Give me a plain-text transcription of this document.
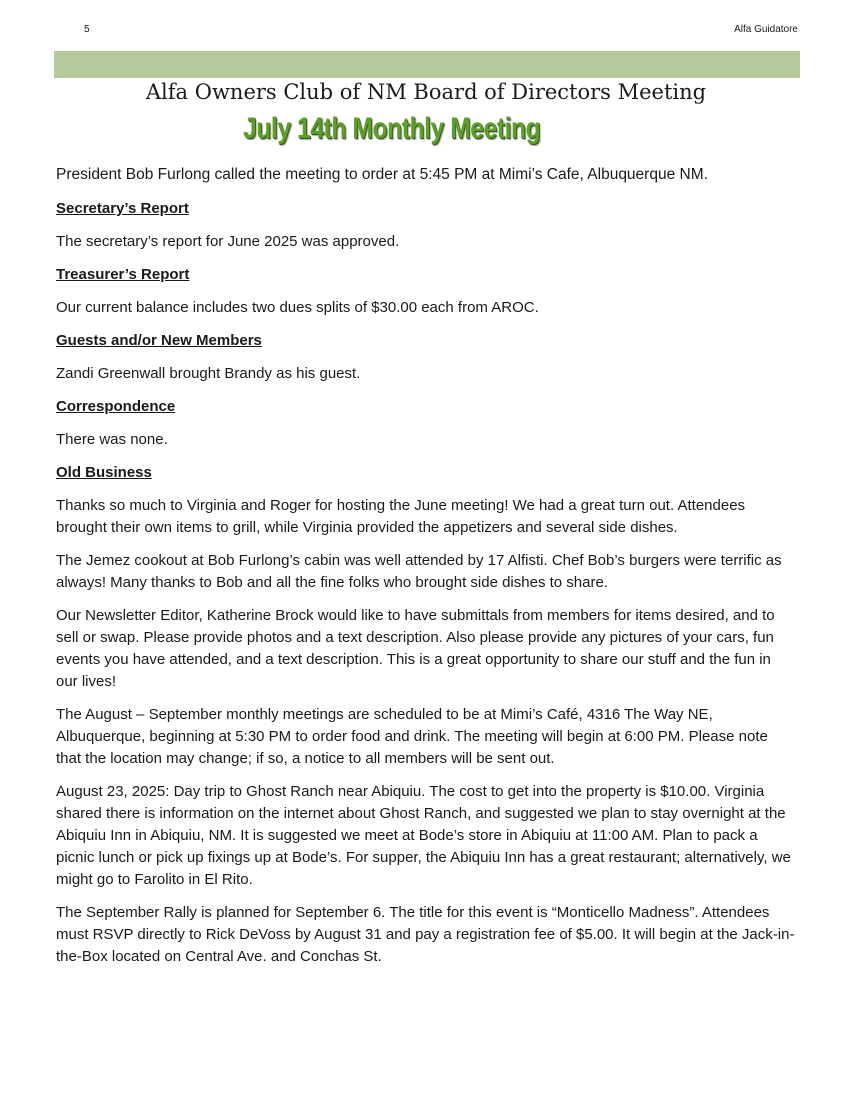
5	Alfa Guidatore
Alfa Owners Club of NM Board of Directors Meeting
July 14th Monthly Meeting

President Bob Furlong called the meeting to order at 5:45 PM at Mimi’s Cafe, Albuquerque NM.

Secretary’s Report

The secretary’s report for June 2025 was approved.

Treasurer’s Report

Our current balance includes two dues splits of $30.00 each from AROC.

Guests and/or New Members

Zandi Greenwall brought Brandy as his guest.

Correspondence

There was none.

Old Business

Thanks so much to Virginia and Roger for hosting the June meeting! We had a great turn out. Attendees brought their own items to grill, while Virginia provided the appetizers and several side dishes.

The Jemez cookout at Bob Furlong’s cabin was well attended by 17 Alfisti. Chef Bob’s burgers were terrific as always! Many thanks to Bob and all the fine folks who brought side dishes to share.

Our Newsletter Editor, Katherine Brock would like to have submittals from members for items desired, and to sell or swap. Please provide photos and a text description. Also please provide any pictures of your cars, fun events you have attended, and a text description. This is a great opportunity to share our stuff and the fun in our lives!

The August – September monthly meetings are scheduled to be at Mimi’s Café, 4316 The Way NE, Albuquerque, beginning at 5:30 PM to order food and drink. The meeting will begin at 6:00 PM. Please note that the location may change; if so, a notice to all members will be sent out.

August 23, 2025: Day trip to Ghost Ranch near Abiquiu. The cost to get into the property is $10.00. Virginia shared there is information on the internet about Ghost Ranch, and suggested we plan to stay overnight at the Abiquiu Inn in Abiquiu, NM. It is suggested we meet at Bode’s store in Abiquiu at 11:00 AM. Plan to pack a picnic lunch or pick up fixings up at Bode’s. For supper, the Abiquiu Inn has a great restaurant; alternatively, we might go to Farolito in El Rito.

The September Rally is planned for September 6. The title for this event is “Monticello Madness”. Attendees must RSVP directly to Rick DeVoss by August 31 and pay a registration fee of $5.00. It will begin at the Jack-in-the-Box located on Central Ave. and Conchas St.
